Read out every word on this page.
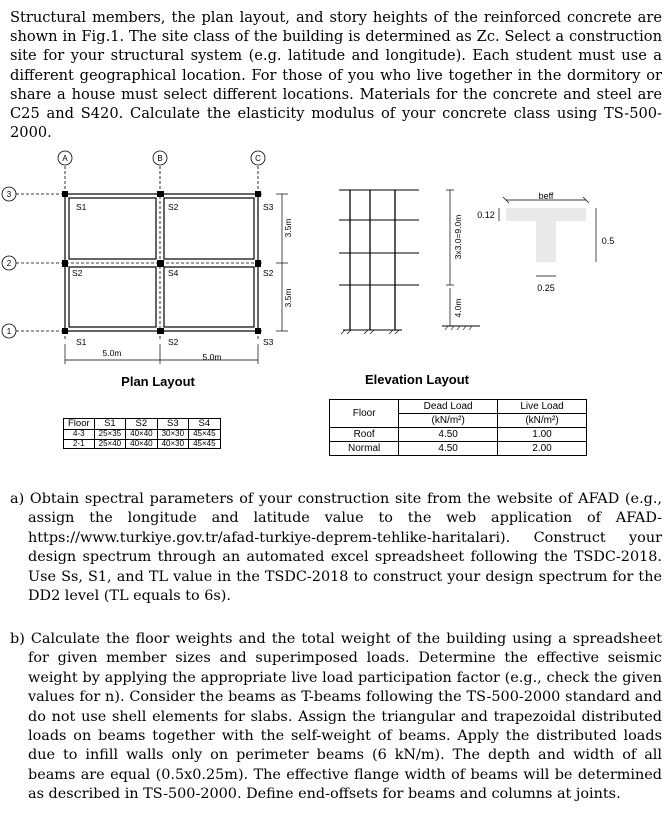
Structural members, the plan layout, and story heights of the reinforced concrete are shown in Fig.1. The site class of the building is determined as Zc. Select a construction site for your structural system (e.g. latitude and longitude). Each student must use a different geographical location. For those of you who live together in the dormitory or share a house must select different locations. Materials for the concrete and steel are C25 and S420. Calculate the elasticity modulus of your concrete class using TS-500-2000.

A	B	C
3
2
1
S1	S2	S3
S2	S4	S2
S1	S2	S3
5.0m	5.0m
3.5m
3.5m
Plan Layout
3x3.0=9.0m
4.0m
Elevation Layout
beff
0.12
0.5
0.25
Floor	S1	S2	S3	S4
4-3	25×35	40×40	30×30	45×45
2-1	25×40	40×40	40×30	45×45
Floor	Dead Load	Live Load
	(kN/m²)	(kN/m²)
Roof	4.50	1.00
Normal	4.50	2.00

a) Obtain spectral parameters of your construction site from the website of AFAD (e.g., assign the longitude and latitude value to the web application of AFAD- https://www.turkiye.gov.tr/afad-turkiye-deprem-tehlike-haritalari). Construct your design spectrum through an automated excel spreadsheet following the TSDC-2018. Use Ss, S1, and TL value in the TSDC-2018 to construct your design spectrum for the DD2 level (TL equals to 6s).

b) Calculate the floor weights and the total weight of the building using a spreadsheet for given member sizes and superimposed loads. Determine the effective seismic weight by applying the appropriate live load participation factor (e.g., check the given values for n). Consider the beams as T-beams following the TS-500-2000 standard and do not use shell elements for slabs. Assign the triangular and trapezoidal distributed loads on beams together with the self-weight of beams. Apply the distributed loads due to infill walls only on perimeter beams (6 kN/m). The depth and width of all beams are equal (0.5x0.25m). The effective flange width of beams will be determined as described in TS-500-2000. Define end-offsets for beams and columns at joints.
